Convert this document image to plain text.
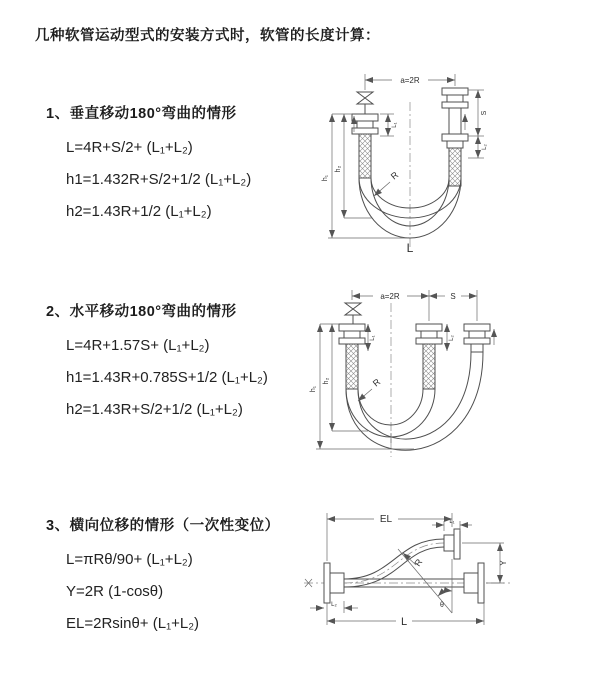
几种软管运动型式的安装方式时，软管的长度计算：
1、垂直移动180°弯曲的情形
L=4R+S/2+ (L₁+L₂)
h1=1.432R+S/2+1/2 (L₁+L₂)
h2=1.43R+1/2 (L₁+L₂)
a=2R
S
L₂
L₁
h₁
h₂
R
L
2、水平移动180°弯曲的情形
L=4R+1.57S+ (L₁+L₂)
h1=1.43R+0.785S+1/2 (L₁+L₂)
h2=1.43R+S/2+1/2 (L₁+L₂)
a=2R	S
h₁
h₂
L₁	L₂
R
3、横向位移的情形（一次性变位）
L=πRθ/90+ (L₁+L₂)
Y=2R (1-cosθ)
EL=2Rsinθ+ (L₁+L₂)
EL	L₁
Y
R
θ
L₂
L
